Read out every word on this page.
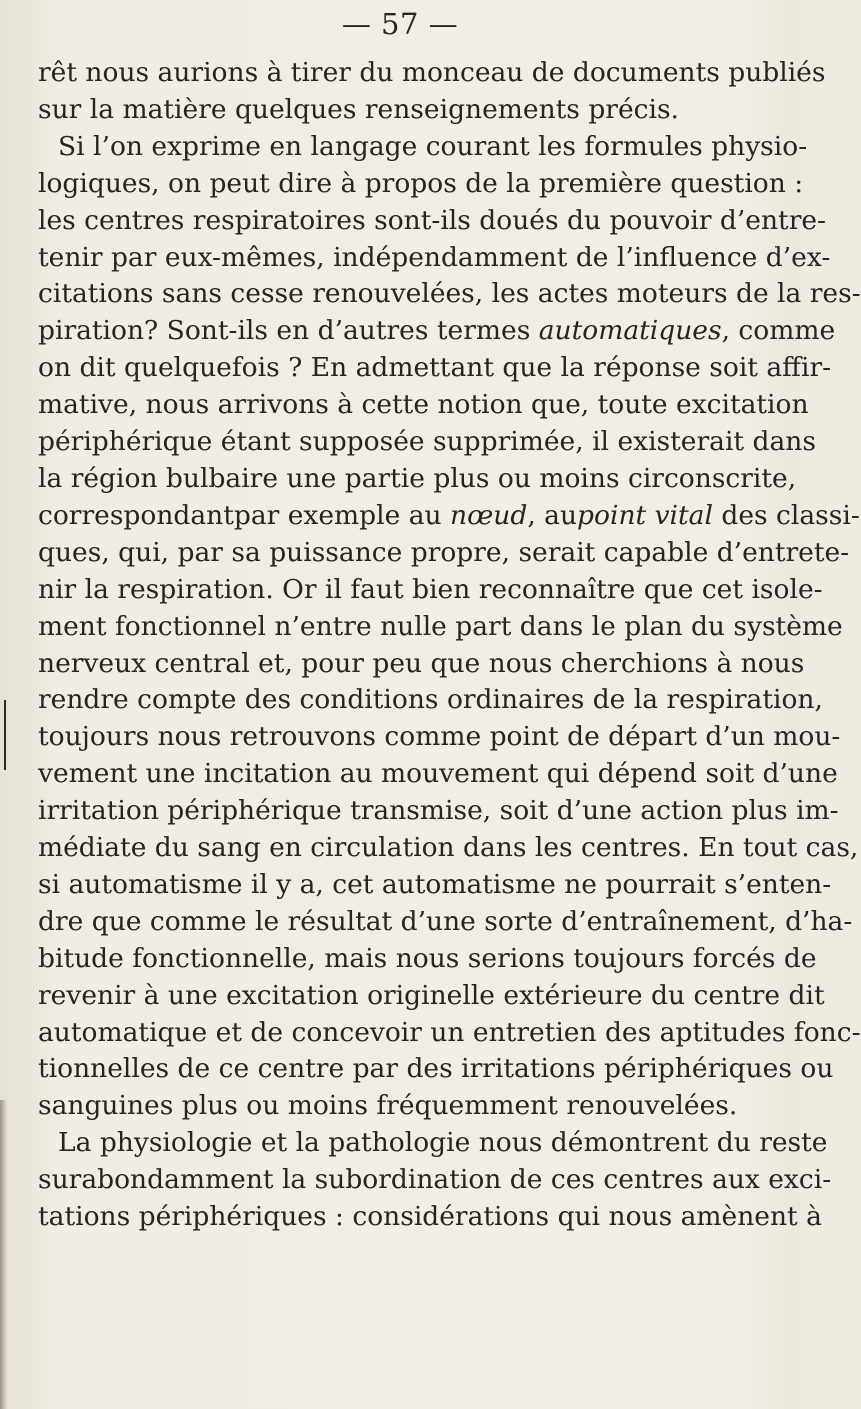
— 57 —
rêt nous aurions à tirer du monceau de documents publiés
sur la matière quelques renseignements précis.
Si l’on exprime en langage courant les formules physio-
logiques, on peut dire à propos de la première question :
les centres respiratoires sont-ils doués du pouvoir d’entre-
tenir par eux-mêmes, indépendamment de l’influence d’ex-
citations sans cesse renouvelées, les actes moteurs de la res-
piration? Sont-ils en d’autres termes automatiques, comme
on dit quelquefois ? En admettant que la réponse soit affir-
mative, nous arrivons à cette notion que, toute excitation
périphérique étant supposée supprimée, il existerait dans
la région bulbaire une partie plus ou moins circonscrite,
correspondantpar exemple au nœud, aupoint vital des classi-
ques, qui, par sa puissance propre, serait capable d’entrete-
nir la respiration. Or il faut bien reconnaître que cet isole-
ment fonctionnel n’entre nulle part dans le plan du système
nerveux central et, pour peu que nous cherchions à nous
rendre compte des conditions ordinaires de la respiration,
toujours nous retrouvons comme point de départ d’un mou-
vement une incitation au mouvement qui dépend soit d’une
irritation périphérique transmise, soit d’une action plus im-
médiate du sang en circulation dans les centres. En tout cas,
si automatisme il y a, cet automatisme ne pourrait s’enten-
dre que comme le résultat d’une sorte d’entraînement, d’ha-
bitude fonctionnelle, mais nous serions toujours forcés de
revenir à une excitation originelle extérieure du centre dit
automatique et de concevoir un entretien des aptitudes fonc-
tionnelles de ce centre par des irritations périphériques ou
sanguines plus ou moins fréquemment renouvelées.
La physiologie et la pathologie nous démontrent du reste
surabondamment la subordination de ces centres aux exci-
tations périphériques : considérations qui nous amènent à
